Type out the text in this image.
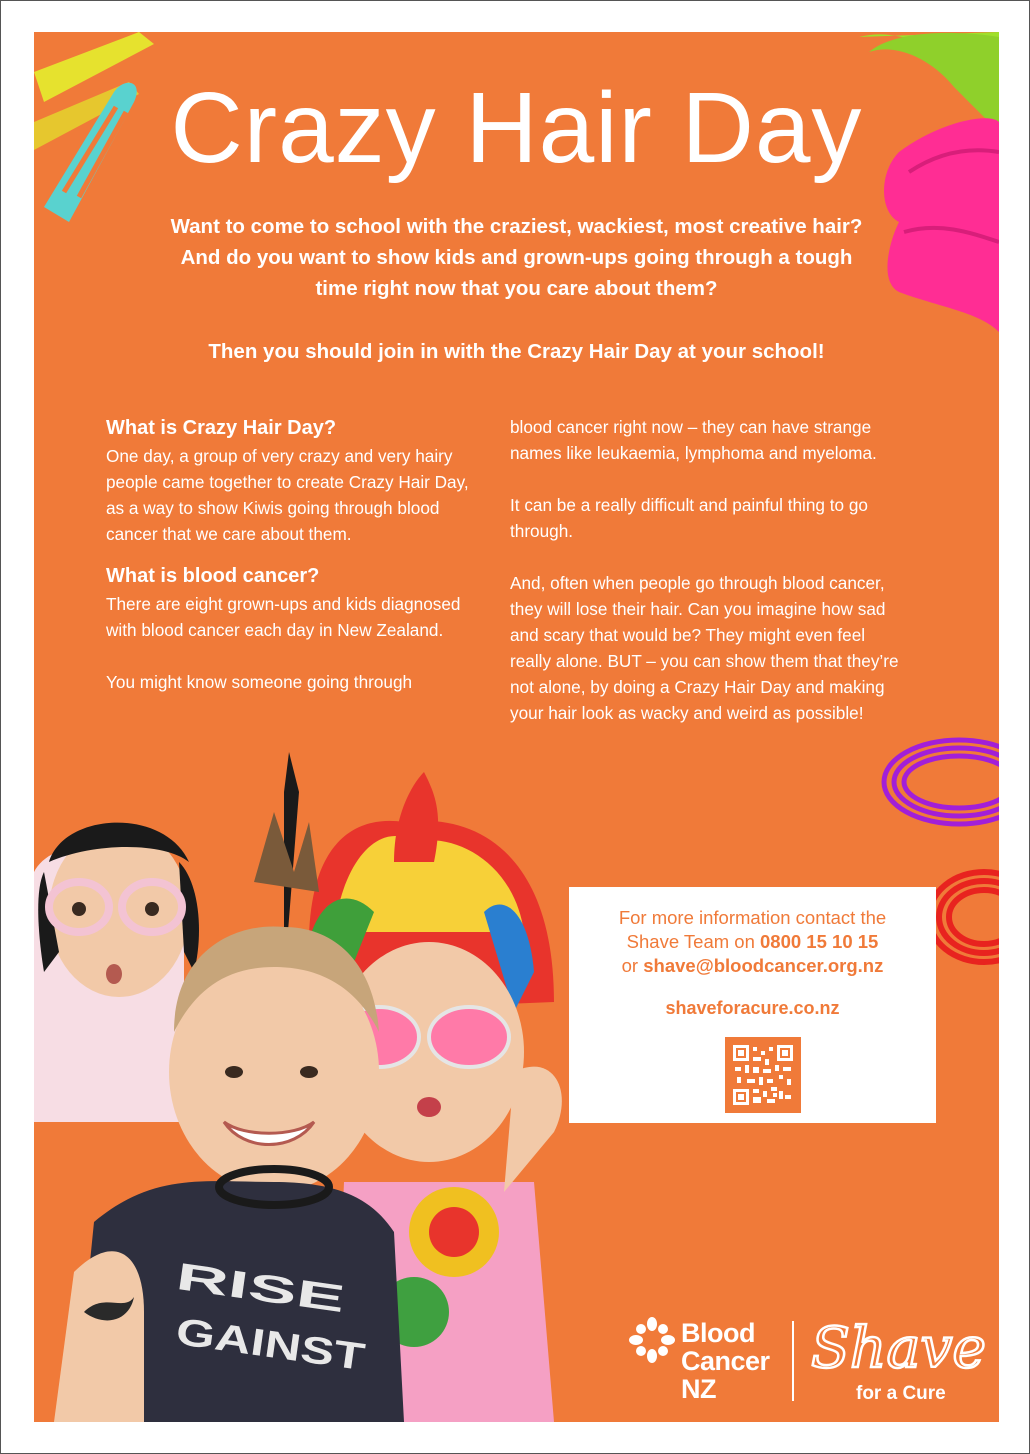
Crazy Hair Day

Want to come to school with the craziest, wackiest, most creative hair?
And do you want to show kids and grown-ups going through a tough
time right now that you care about them?

Then you should join in with the Crazy Hair Day at your school!

What is Crazy Hair Day?

One day, a group of very crazy and very hairy people came together to create Crazy Hair Day, as a way to show Kiwis going through blood cancer that we care about them.

What is blood cancer?

There are eight grown-ups and kids diagnosed with blood cancer each day in New Zealand.

You might know someone going through

blood cancer right now – they can have strange names like leukaemia, lymphoma and myeloma.

It can be a really difficult and painful thing to go through.

And, often when people go through blood cancer, they will lose their hair. Can you imagine how sad and scary that would be? They might even feel really alone. BUT – you can show them that they’re not alone, by doing a Crazy Hair Day and making your hair look as wacky and weird as possible!

RISE
GAINST
For more information contact the
Shave Team on 0800 15 10 15
or shave@bloodcancer.org.nz
shaveforacure.co.nz
Blood
Cancer
NZ
Shave
for a Cure
